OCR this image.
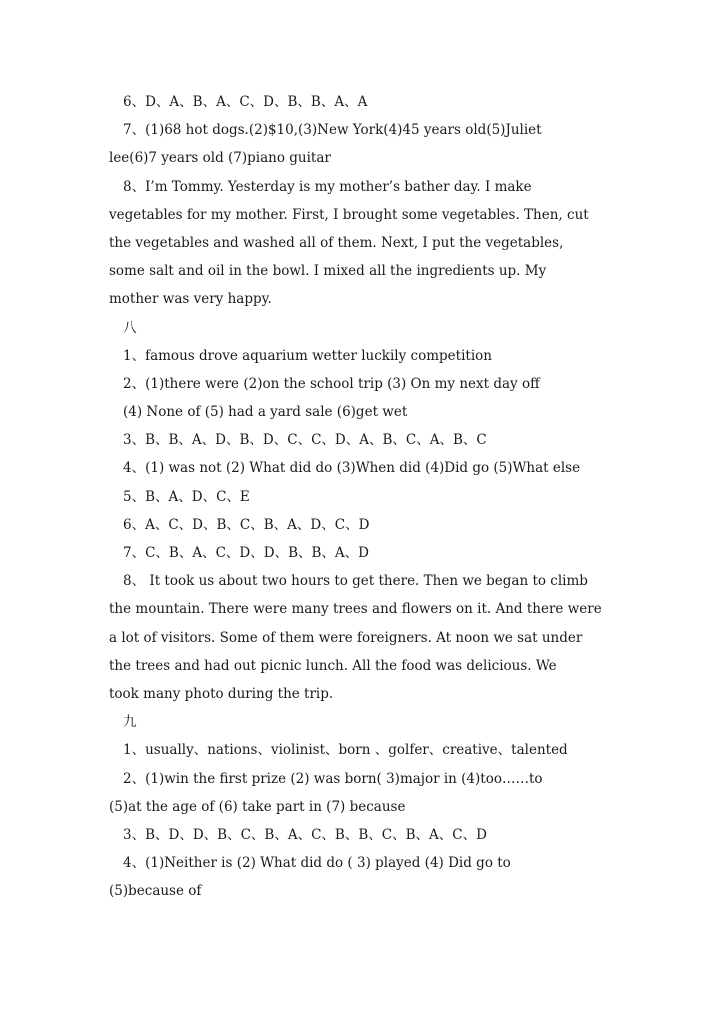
6、D、A、B、A、C、D、B、B、A、A
7、(1)68 hot dogs.(2)$10,(3)New York(4)45 years old(5)Juliet
lee(6)7 years old (7)piano guitar
8、I’m Tommy. Yesterday is my mother’s bather day. I make
vegetables for my mother. First, I brought some vegetables. Then, cut
the vegetables and washed all of them. Next, I put the vegetables,
some salt and oil in the bowl. I mixed all the ingredients up. My
mother was very happy.
八
1、famous drove aquarium wetter luckily competition
2、(1)there were (2)on the school trip (3) On my next day off
(4) None of (5) had a yard sale (6)get wet
3、B、B、A、D、B、D、C、C、D、A、B、C、A、B、C
4、(1) was not (2) What did do (3)When did (4)Did go (5)What else
5、B、A、D、C、E
6、A、C、D、B、C、B、A、D、C、D
7、C、B、A、C、D、D、B、B、A、D
8、 It took us about two hours to get there. Then we began to climb
the mountain. There were many trees and flowers on it. And there were
a lot of visitors. Some of them were foreigners. At noon we sat under
the trees and had out picnic lunch. All the food was delicious. We
took many photo during the trip.
九
1、usually、nations、violinist、born 、golfer、creative、talented
2、(1)win the first prize (2) was born( 3)major in (4)too……to
(5)at the age of (6) take part in (7) because
3、B、D、D、B、C、B、A、C、B、B、C、B、A、C、D
4、(1)Neither is (2) What did do ( 3) played (4) Did go to
(5)because of
